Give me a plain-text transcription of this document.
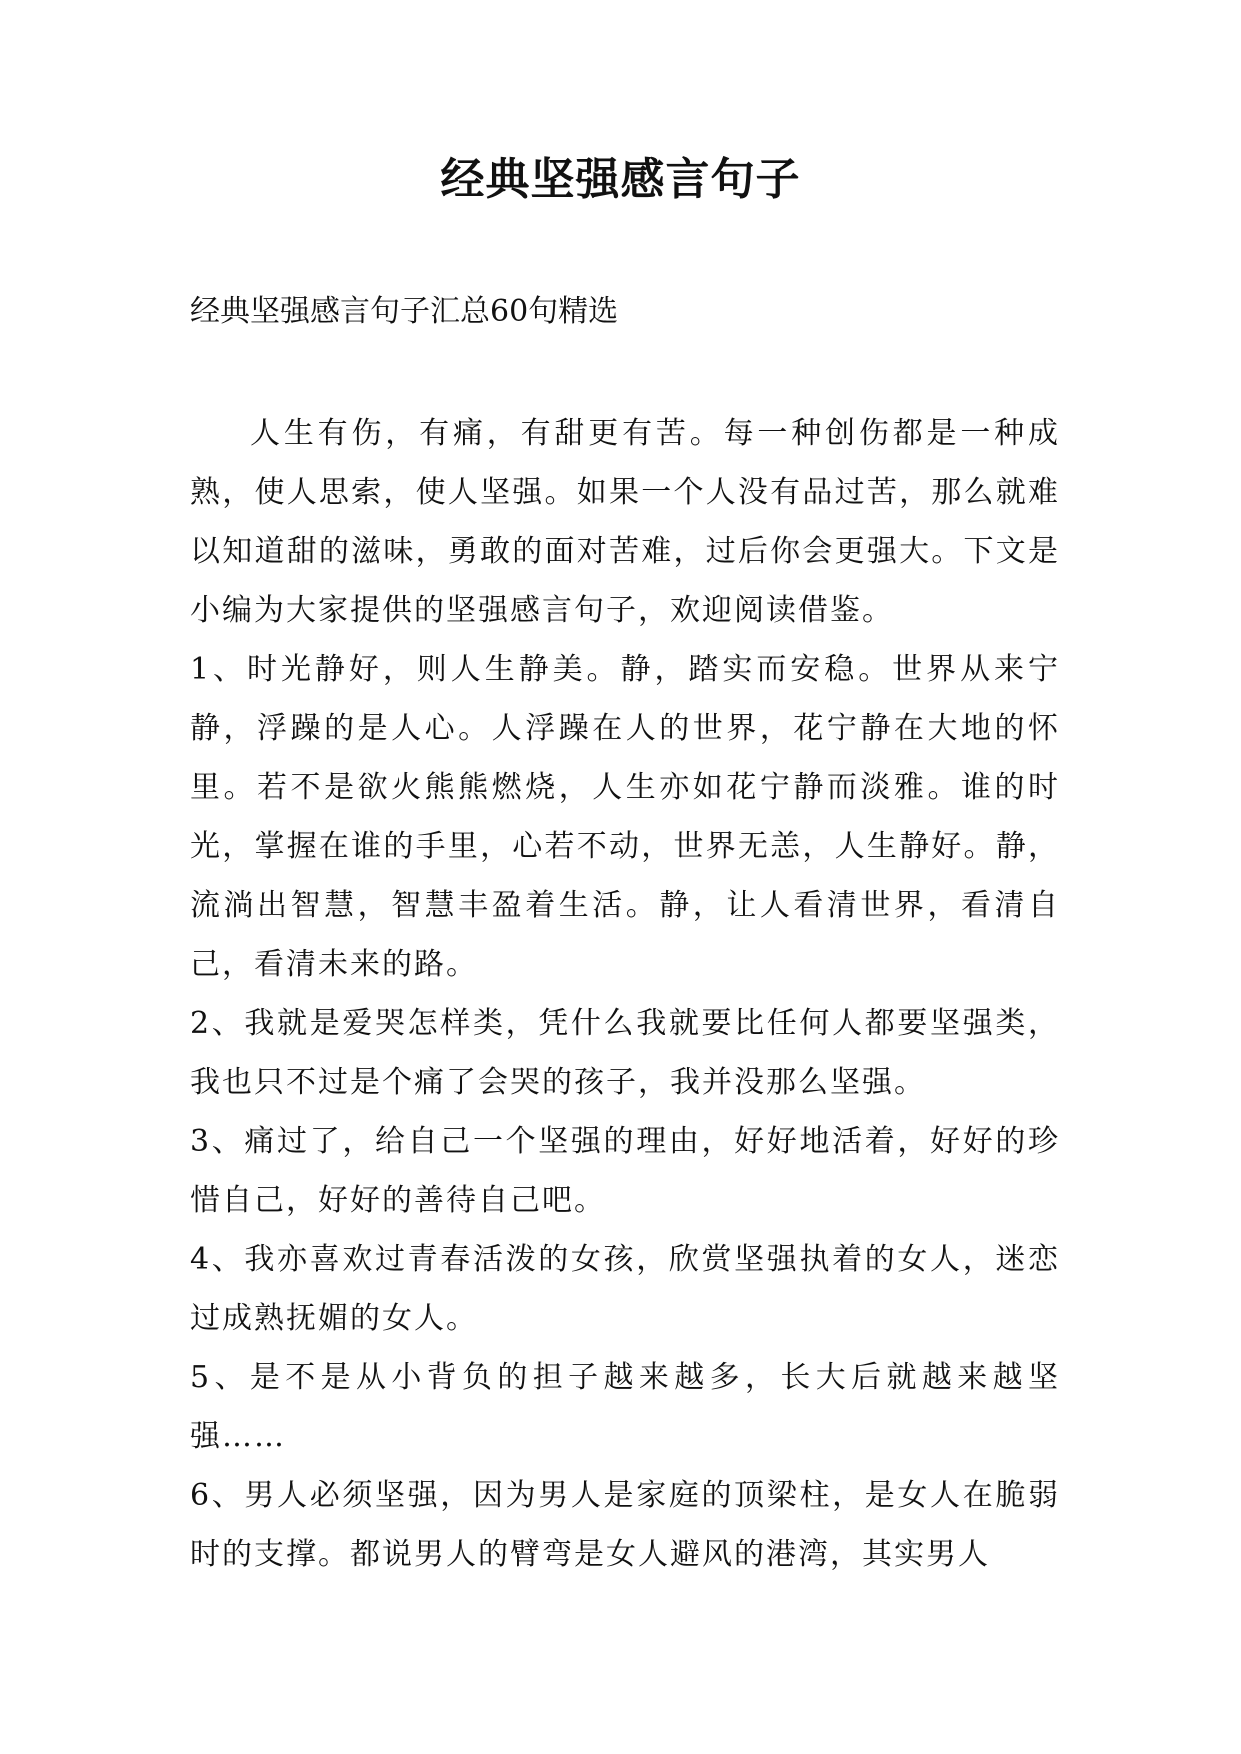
经典坚强感言句子

经典坚强感言句子汇总60句精选

人生有伤，有痛，有甜更有苦。每一种创伤都是一种成熟，使人思索，使人坚强。如果一个人没有品过苦，那么就难以知道甜的滋味，勇敢的面对苦难，过后你会更强大。下文是小编为大家提供的坚强感言句子，欢迎阅读借鉴。

1、时光静好，则人生静美。静，踏实而安稳。世界从来宁静，浮躁的是人心。人浮躁在人的世界，花宁静在大地的怀里。若不是欲火熊熊燃烧，人生亦如花宁静而淡雅。谁的时光，掌握在谁的手里，心若不动，世界无恙，人生静好。静，流淌出智慧，智慧丰盈着生活。静，让人看清世界，看清自己，看清未来的路。

2、我就是爱哭怎样类，凭什么我就要比任何人都要坚强类，我也只不过是个痛了会哭的孩子，我并没那么坚强。

3、痛过了，给自己一个坚强的理由，好好地活着，好好的珍惜自己，好好的善待自己吧。

4、我亦喜欢过青春活泼的女孩，欣赏坚强执着的女人，迷恋过成熟抚媚的女人。

5、是不是从小背负的担子越来越多，长大后就越来越坚强……

6、男人必须坚强，因为男人是家庭的顶梁柱，是女人在脆弱时的支撑。都说男人的臂弯是女人避风的港湾，其实男人
